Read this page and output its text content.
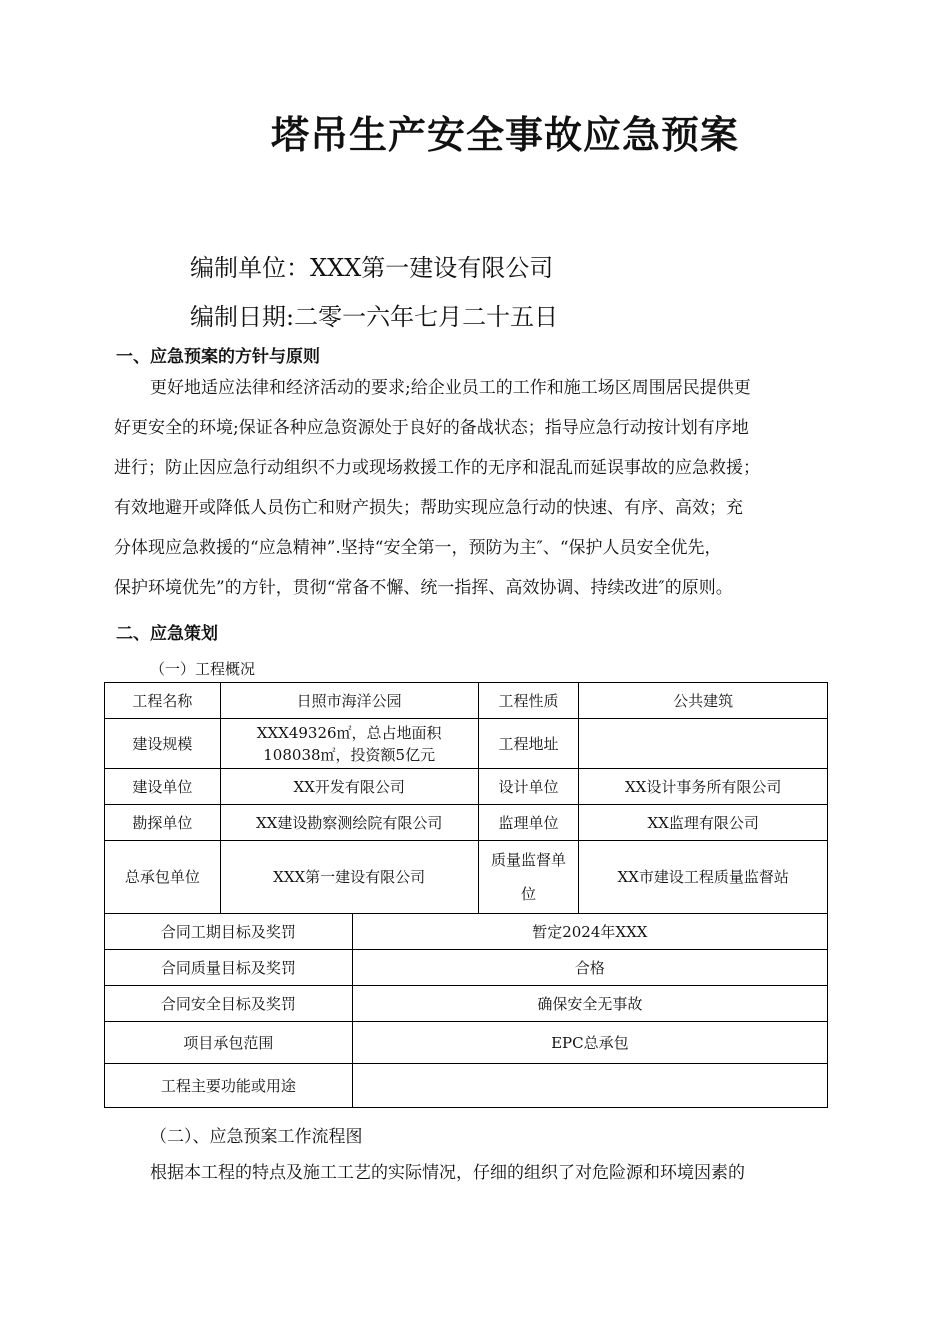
塔吊生产安全事故应急预案
编制单位：XXX第一建设有限公司
编制日期:二零一六年七月二十五日
一、应急预案的方针与原则

更好地适应法律和经济活动的要求;给企业员工的工作和施工场区周围居民提供更

好更安全的环境;保证各种应急资源处于良好的备战状态；指导应急行动按计划有序地

进行；防止因应急行动组织不力或现场救援工作的无序和混乱而延误事故的应急救援；

有效地避开或降低人员伤亡和财产损失；帮助实现应急行动的快速、有序、高效；充

分体现应急救援的“应急精神”.坚持“安全第一，预防为主″、“保护人员安全优先，

保护环境优先”的方针，贯彻“常备不懈、统一指挥、高效协调、持续改进″的原则。

二、应急策划
（一）工程概况
工程名称	日照市海洋公园		工程性质	公共建筑
建设规模	XXX49326㎡，总占地面积
108038㎡，投资额5亿元		工程地址	
建设单位	XX开发有限公司		设计单位	XX设计事务所有限公司
勘探单位	XX建设勘察测绘院有限公司		监理单位	XX监理有限公司
总承包单位	XXX第一建设有限公司		质量监督单
位	XX市建设工程质量监督站
合同工期目标及奖罚		暂定2024年XXX		
合同质量目标及奖罚		合格		
合同安全目标及奖罚		确保安全无事故		
项目承包范围		EPC总承包		
工程主要功能或用途				
（二）、应急预案工作流程图
根据本工程的特点及施工工艺的实际情况，仔细的组织了对危险源和环境因素的
